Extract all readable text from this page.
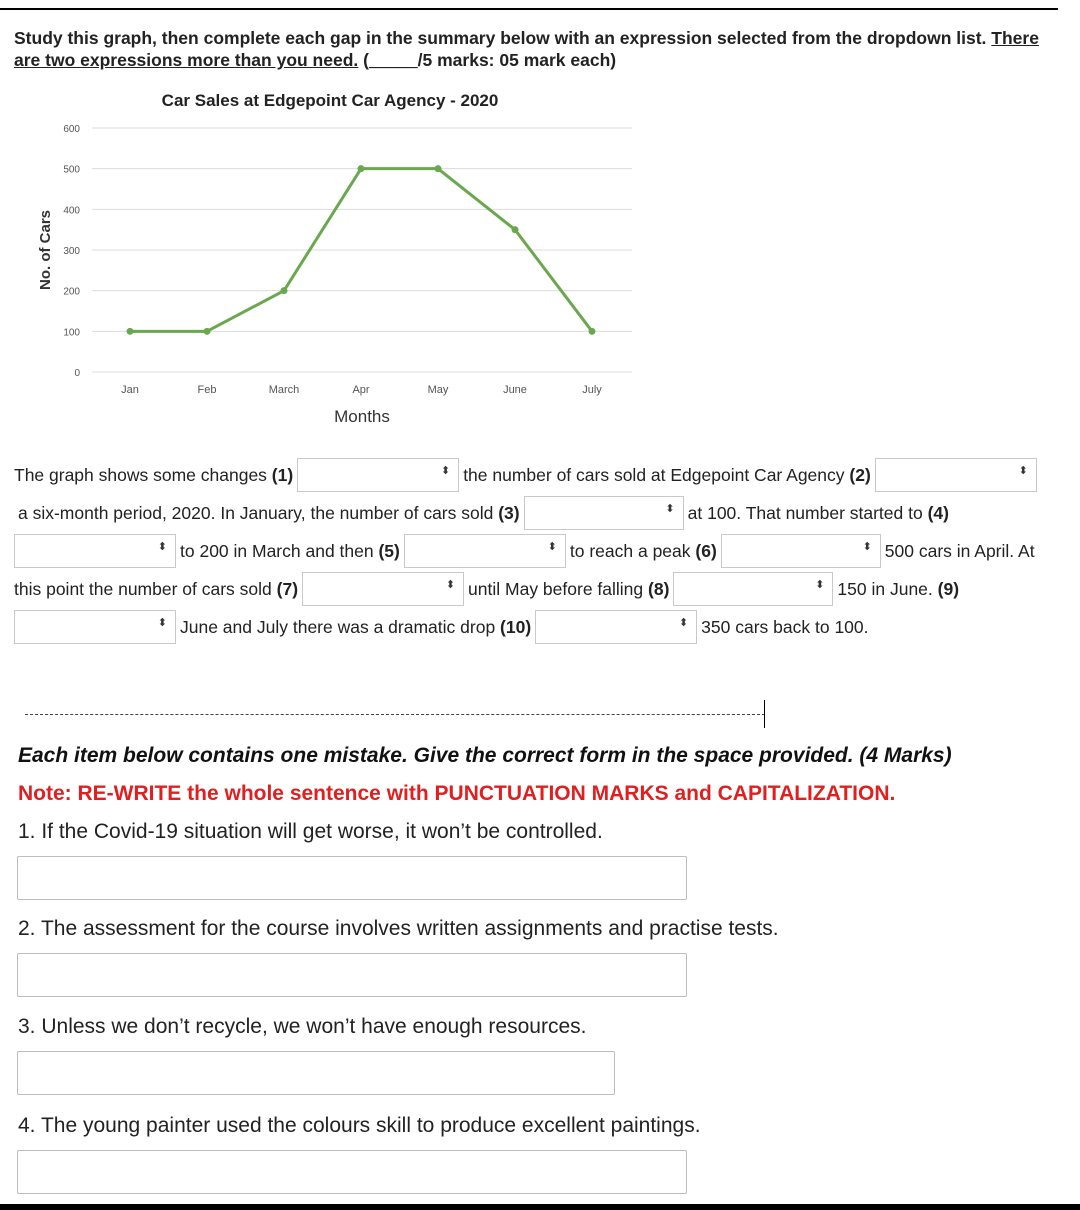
Study this graph, then complete each gap in the summary below with an expression selected from the dropdown list. There
are two expressions more than you need. (_____/5 marks: 05 mark each)
Car Sales at Edgepoint Car Agency - 2020
0
100
200
300
400
500
600
No. of Cars
Jan	Feb	March	Apr	May	June	July
Months
The graph shows some changes
(1)	⬍ the number of cars sold at Edgepoint Car Agency
(2)	⬍
a six-month period, 2020. In January, the number of cars sold
(3)	⬍ at 100. That number started to
(4)
⬍ to 200 in March and then
(5)	⬍ to reach a peak
(6)	⬍ 500 cars in April. At
this point the number of cars sold
(7)	⬍ until May before falling
(8)	⬍ 150 in June.
(9)
⬍ June and July there was a dramatic drop
(10)	⬍ 350 cars back to 100.
Each item below contains one mistake. Give the correct form in the space provided. (4 Marks)
Note: RE-WRITE the whole sentence with PUNCTUATION MARKS and CAPITALIZATION.
1. If the Covid-19 situation will get worse, it won’t be controlled.
2. The assessment for the course involves written assignments and practise tests.
3. Unless we don’t recycle, we won’t have enough resources.
4. The young painter used the colours skill to produce excellent paintings.
